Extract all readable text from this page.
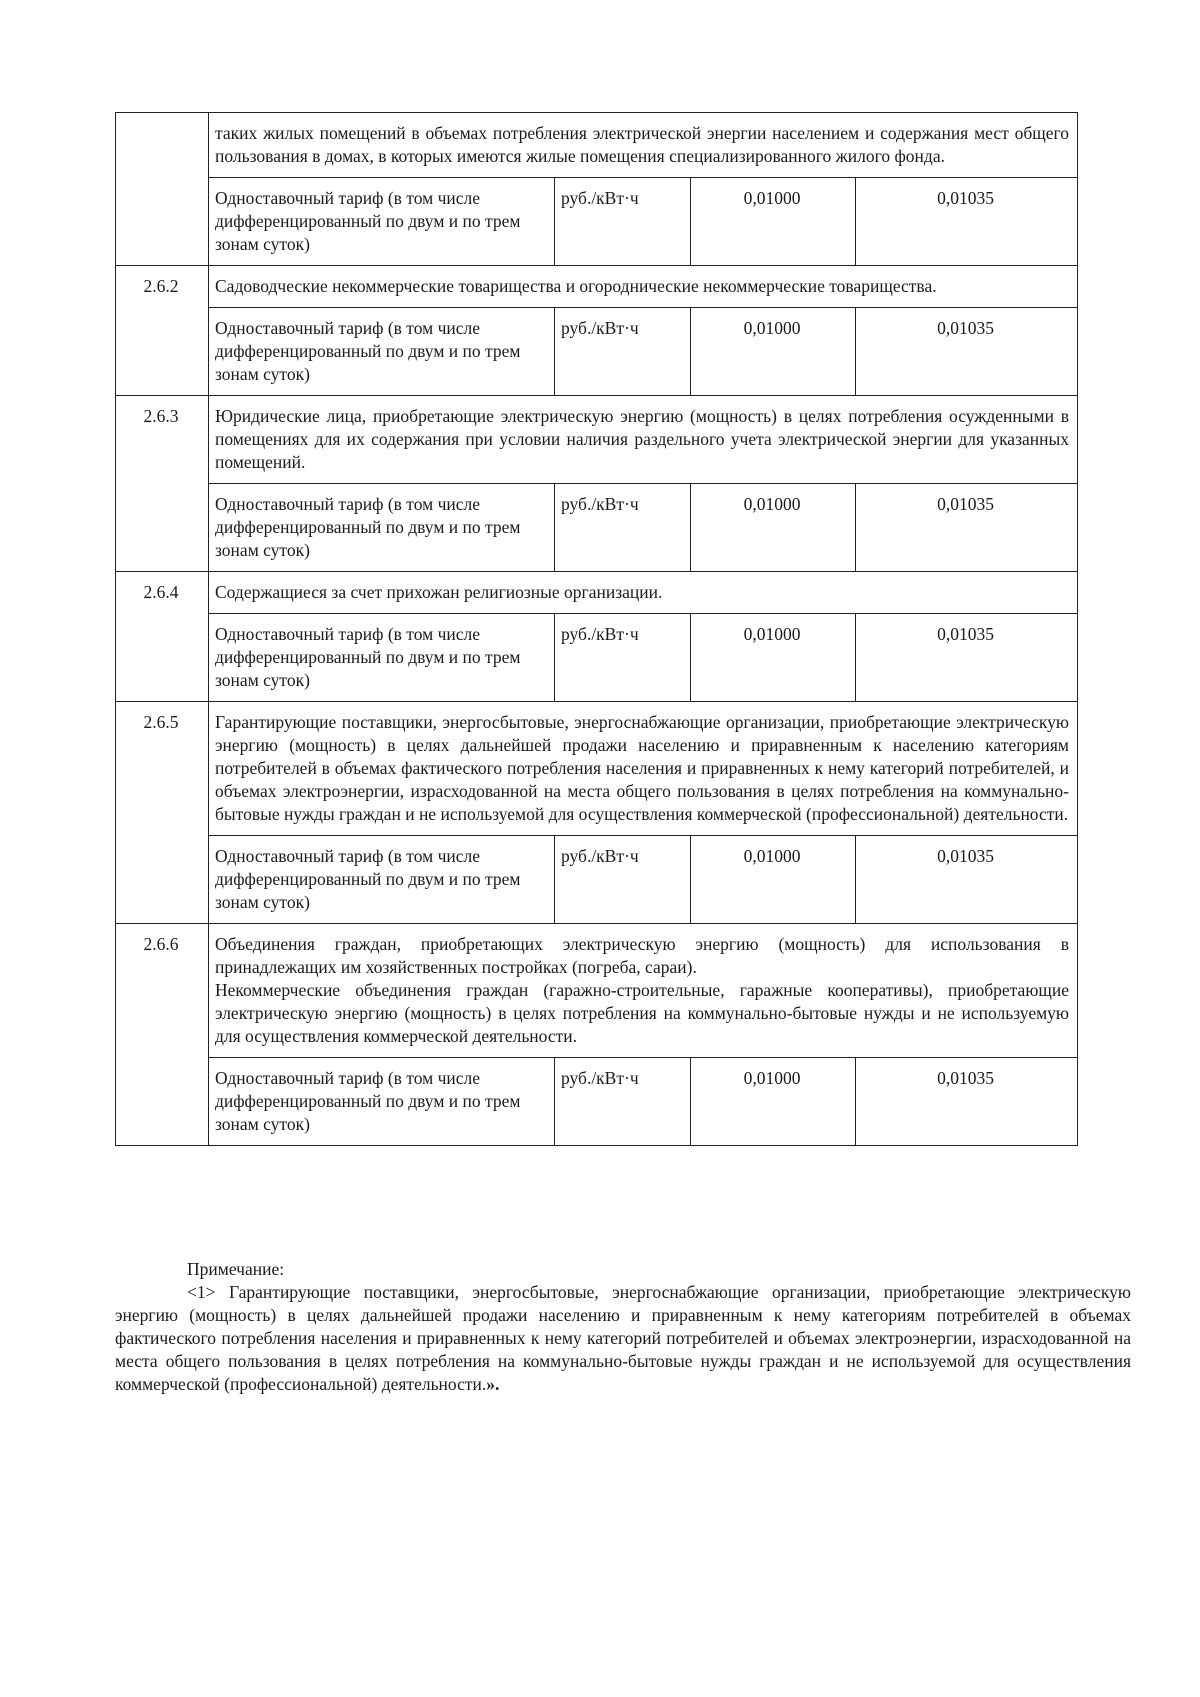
	таких жилых помещений в объемах потребления электрической энергии населением и содержания мест общего пользования в домах, в которых имеются жилые помещения специализированного жилого фонда.			
	Одноставочный тариф (в том числе дифференцированный по двум и по трем зонам суток)	руб./кВт·ч	0,01000	0,01035
2.6.2	Садоводческие некоммерческие товарищества и огороднические некоммерческие товарищества.			
	Одноставочный тариф (в том числе дифференцированный по двум и по трем зонам суток)	руб./кВт·ч	0,01000	0,01035
2.6.3	Юридические лица, приобретающие электрическую энергию (мощность) в целях потребления осужденными в помещениях для их содержания при условии наличия раздельного учета электрической энергии для указанных помещений.			
	Одноставочный тариф (в том числе дифференцированный по двум и по трем зонам суток)	руб./кВт·ч	0,01000	0,01035
2.6.4	Содержащиеся за счет прихожан религиозные организации.			
	Одноставочный тариф (в том числе дифференцированный по двум и по трем зонам суток)	руб./кВт·ч	0,01000	0,01035
2.6.5	Гарантирующие поставщики, энергосбытовые, энергоснабжающие организации, приобретающие электрическую энергию (мощность) в целях дальнейшей продажи населению и приравненным к населению категориям потребителей в объемах фактического потребления населения и приравненных к нему категорий потребителей, и объемах электроэнергии, израсходованной на места общего пользования в целях потребления на коммунально-бытовые нужды граждан и не используемой для осуществления коммерческой (профессиональной) деятельности.			
	Одноставочный тариф (в том числе дифференцированный по двум и по трем зонам суток)	руб./кВт·ч	0,01000	0,01035
2.6.6	Объединения граждан, приобретающих электрическую энергию (мощность) для использования в принадлежащих им хозяйственных постройках (погреба, сараи).
Некоммерческие объединения граждан (гаражно-строительные, гаражные кооперативы), приобретающие электрическую энергию (мощность) в целях потребления на коммунально-бытовые нужды и не используемую для осуществления коммерческой деятельности.			

	Одноставочный тариф (в том числе дифференцированный по двум и по трем зонам суток)	руб./кВт·ч	0,01000	0,01035
Примечание:
<1> Гарантирующие поставщики, энергосбытовые, энергоснабжающие организации, приобретающие электрическую энергию (мощность) в целях дальнейшей продажи населению и приравненным к нему категориям потребителей в объемах фактического потребления населения и приравненных к нему категорий потребителей и объемах электроэнергии, израсходованной на места общего пользования в целях потребления на коммунально-бытовые нужды граждан и не используемой для осуществления коммерческой (профессиональной) деятельности.».
